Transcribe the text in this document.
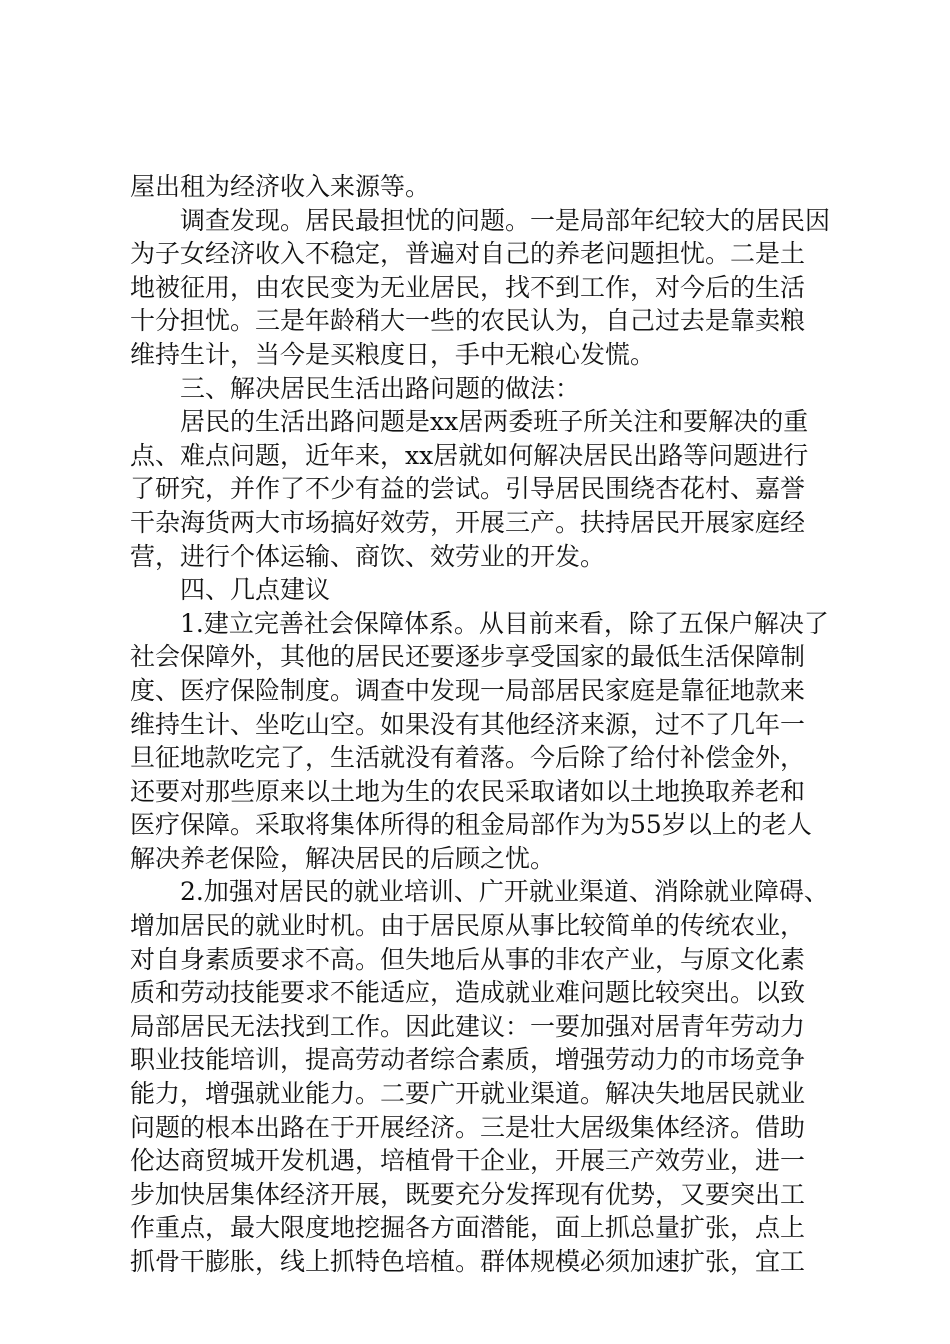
屋出租为经济收入来源等。
调查发现。居民最担忧的问题。一是局部年纪较大的居民因
为子女经济收入不稳定，普遍对自己的养老问题担忧。二是土
地被征用，由农民变为无业居民，找不到工作，对今后的生活
十分担忧。三是年龄稍大一些的农民认为，自己过去是靠卖粮
维持生计，当今是买粮度日，手中无粮心发慌。
三、解决居民生活出路问题的做法：
居民的生活出路问题是xx居两委班子所关注和要解决的重
点、难点问题，近年来，xx居就如何解决居民出路等问题进行
了研究，并作了不少有益的尝试。引导居民围绕杏花村、嘉誉
干杂海货两大市场搞好效劳，开展三产。扶持居民开展家庭经
营，进行个体运输、商饮、效劳业的开发。
四、几点建议
1.建立完善社会保障体系。从目前来看，除了五保户解决了
社会保障外，其他的居民还要逐步享受国家的最低生活保障制
度、医疗保险制度。调查中发现一局部居民家庭是靠征地款来
维持生计、坐吃山空。如果没有其他经济来源，过不了几年一
旦征地款吃完了，生活就没有着落。今后除了给付补偿金外，
还要对那些原来以土地为生的农民采取诸如以土地换取养老和
医疗保障。采取将集体所得的租金局部作为为55岁以上的老人
解决养老保险，解决居民的后顾之忧。
2.加强对居民的就业培训、广开就业渠道、消除就业障碍、
增加居民的就业时机。由于居民原从事比较简单的传统农业，
对自身素质要求不高。但失地后从事的非农产业，与原文化素
质和劳动技能要求不能适应，造成就业难问题比较突出。以致
局部居民无法找到工作。因此建议：一要加强对居青年劳动力
职业技能培训，提高劳动者综合素质，增强劳动力的市场竞争
能力，增强就业能力。二要广开就业渠道。解决失地居民就业
问题的根本出路在于开展经济。三是壮大居级集体经济。借助
伦达商贸城开发机遇，培植骨干企业，开展三产效劳业，进一
步加快居集体经济开展，既要充分发挥现有优势，又要突出工
作重点，最大限度地挖掘各方面潜能，面上抓总量扩张，点上
抓骨干膨胀，线上抓特色培植。群体规模必须加速扩张，宜工
